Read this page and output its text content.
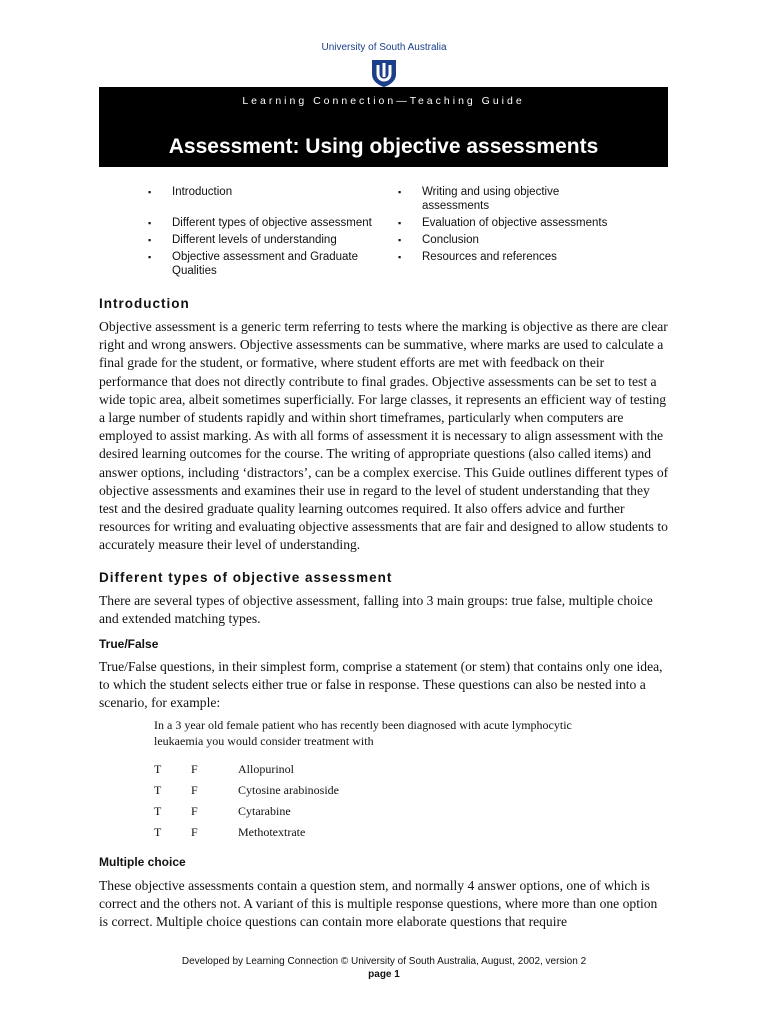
University of South Australia
Learning Connection—Teaching Guide
Assessment: Using objective assessments
▪ Introduction
▪ Different types of objective assessment
▪ Different levels of understanding
▪ Objective assessment and Graduate Qualities
▪ Writing and using objective assessments
▪ Evaluation of objective assessments
▪ Conclusion
▪ Resources and references
Introduction

Objective assessment is a generic term referring to tests where the marking is objective as there are clear right and wrong answers. Objective assessments can be summative, where marks are used to calculate a final grade for the student, or formative, where student efforts are met with feedback on their performance that does not directly contribute to final grades. Objective assessments can be set to test a wide topic area, albeit sometimes superficially. For large classes, it represents an efficient way of testing a large number of students rapidly and within short timeframes, particularly when computers are employed to assist marking. As with all forms of assessment it is necessary to align assessment with the desired learning outcomes for the course. The writing of appropriate questions (also called items) and answer options, including ‘distractors’, can be a complex exercise. This Guide outlines different types of objective assessments and examines their use in regard to the level of student understanding that they test and the desired graduate quality learning outcomes required. It also offers advice and further resources for writing and evaluating objective assessments that are fair and designed to allow students to accurately measure their level of understanding.

Different types of objective assessment

There are several types of objective assessment, falling into 3 main groups: true false, multiple choice and extended matching types.

True/False

True/False questions, in their simplest form, comprise a statement (or stem) that contains only one idea, to which the student selects either true or false in response. These questions can also be nested into a scenario, for example:

In a 3 year old female patient who has recently been diagnosed with acute lymphocytic leukaemia you would consider treatment with
T F	Allopurinol
T F	Cytosine arabinoside
T F	Cytarabine
T F	Methotextrate
Multiple choice

These objective assessments contain a question stem, and normally 4 answer options, one of which is correct and the others not. A variant of this is multiple response questions, where more than one option is correct. Multiple choice questions can contain more elaborate questions that require

Developed by Learning Connection © University of South Australia, August, 2002, version 2
page 1
